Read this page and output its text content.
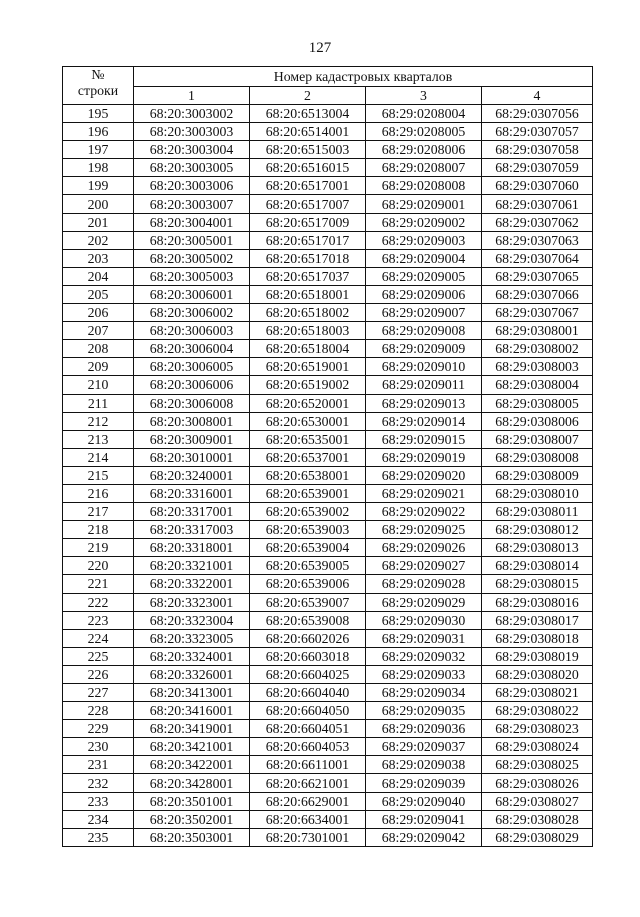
127
№
строки	Номер кадастровых кварталов			
	1	2	3	4
195	68:20:3003002	68:20:6513004	68:29:0208004	68:29:0307056
196	68:20:3003003	68:20:6514001	68:29:0208005	68:29:0307057
197	68:20:3003004	68:20:6515003	68:29:0208006	68:29:0307058
198	68:20:3003005	68:20:6516015	68:29:0208007	68:29:0307059
199	68:20:3003006	68:20:6517001	68:29:0208008	68:29:0307060
200	68:20:3003007	68:20:6517007	68:29:0209001	68:29:0307061
201	68:20:3004001	68:20:6517009	68:29:0209002	68:29:0307062
202	68:20:3005001	68:20:6517017	68:29:0209003	68:29:0307063
203	68:20:3005002	68:20:6517018	68:29:0209004	68:29:0307064
204	68:20:3005003	68:20:6517037	68:29:0209005	68:29:0307065
205	68:20:3006001	68:20:6518001	68:29:0209006	68:29:0307066
206	68:20:3006002	68:20:6518002	68:29:0209007	68:29:0307067
207	68:20:3006003	68:20:6518003	68:29:0209008	68:29:0308001
208	68:20:3006004	68:20:6518004	68:29:0209009	68:29:0308002
209	68:20:3006005	68:20:6519001	68:29:0209010	68:29:0308003
210	68:20:3006006	68:20:6519002	68:29:0209011	68:29:0308004
211	68:20:3006008	68:20:6520001	68:29:0209013	68:29:0308005
212	68:20:3008001	68:20:6530001	68:29:0209014	68:29:0308006
213	68:20:3009001	68:20:6535001	68:29:0209015	68:29:0308007
214	68:20:3010001	68:20:6537001	68:29:0209019	68:29:0308008
215	68:20:3240001	68:20:6538001	68:29:0209020	68:29:0308009
216	68:20:3316001	68:20:6539001	68:29:0209021	68:29:0308010
217	68:20:3317001	68:20:6539002	68:29:0209022	68:29:0308011
218	68:20:3317003	68:20:6539003	68:29:0209025	68:29:0308012
219	68:20:3318001	68:20:6539004	68:29:0209026	68:29:0308013
220	68:20:3321001	68:20:6539005	68:29:0209027	68:29:0308014
221	68:20:3322001	68:20:6539006	68:29:0209028	68:29:0308015
222	68:20:3323001	68:20:6539007	68:29:0209029	68:29:0308016
223	68:20:3323004	68:20:6539008	68:29:0209030	68:29:0308017
224	68:20:3323005	68:20:6602026	68:29:0209031	68:29:0308018
225	68:20:3324001	68:20:6603018	68:29:0209032	68:29:0308019
226	68:20:3326001	68:20:6604025	68:29:0209033	68:29:0308020
227	68:20:3413001	68:20:6604040	68:29:0209034	68:29:0308021
228	68:20:3416001	68:20:6604050	68:29:0209035	68:29:0308022
229	68:20:3419001	68:20:6604051	68:29:0209036	68:29:0308023
230	68:20:3421001	68:20:6604053	68:29:0209037	68:29:0308024
231	68:20:3422001	68:20:6611001	68:29:0209038	68:29:0308025
232	68:20:3428001	68:20:6621001	68:29:0209039	68:29:0308026
233	68:20:3501001	68:20:6629001	68:29:0209040	68:29:0308027
234	68:20:3502001	68:20:6634001	68:29:0209041	68:29:0308028
235	68:20:3503001	68:20:7301001	68:29:0209042	68:29:0308029
